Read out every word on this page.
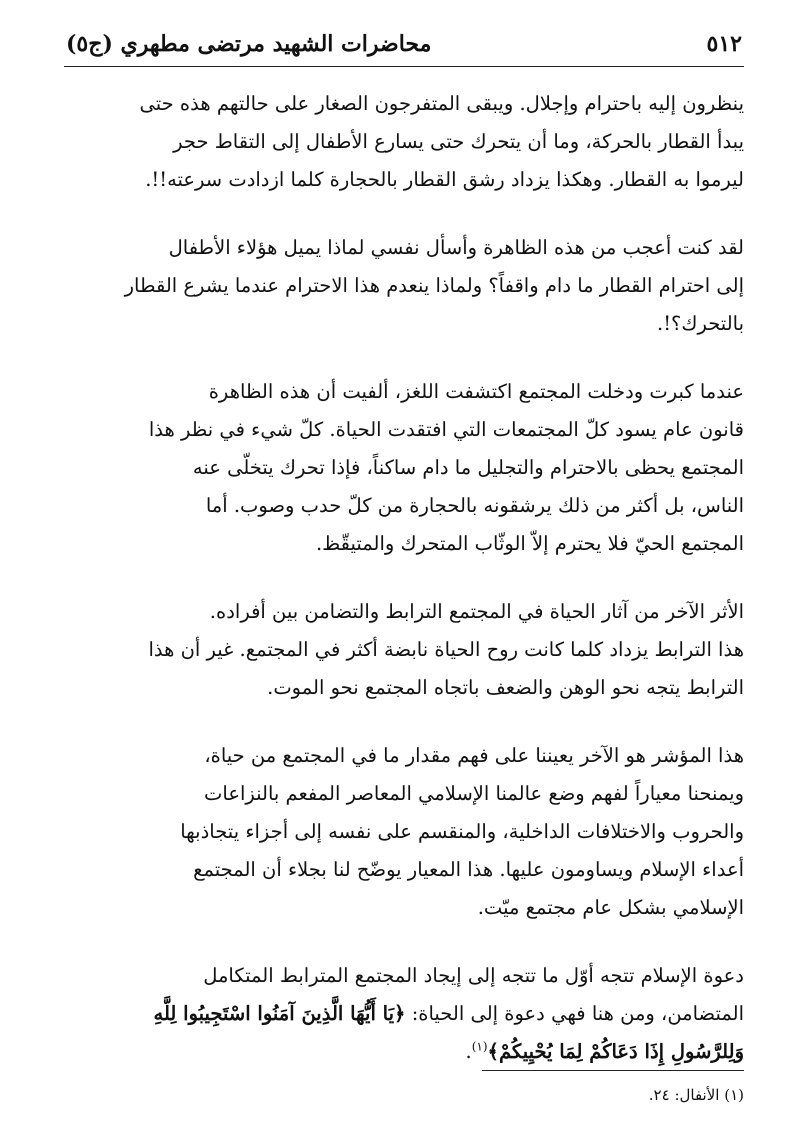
٥١٢
محاضرات الشهيد مرتضى مطهري (ج٥)

ينظرون إليه باحترام وإجلال. ويبقى المتفرجون الصغار على حالتهم هذه حتى
يبدأ القطار بالحركة، وما أن يتحرك حتى يسارع الأطفال إلى التقاط حجر
ليرموا به القطار. وهكذا يزداد رشق القطار بالحجارة كلما ازدادت سرعته!!.

لقد كنت أعجب من هذه الظاهرة وأسأل نفسي لماذا يميل هؤلاء الأطفال
إلى احترام القطار ما دام واقفاً؟ ولماذا ينعدم هذا الاحترام عندما يشرع القطار
بالتحرك؟!.

عندما كبرت ودخلت المجتمع اكتشفت اللغز، ألفيت أن هذه الظاهرة
قانون عام يسود كلّ المجتمعات التي افتقدت الحياة. كلّ شيء في نظر هذا
المجتمع يحظى بالاحترام والتجليل ما دام ساكناً، فإذا تحرك يتخلّى عنه
الناس، بل أكثر من ذلك يرشقونه بالحجارة من كلّ حدب وصوب. أما
المجتمع الحيّ فلا يحترم إلاّ الوثّاب المتحرك والمتيقّظ.

الأثر الآخر من آثار الحياة في المجتمع الترابط والتضامن بين أفراده.
هذا الترابط يزداد كلما كانت روح الحياة نابضة أكثر في المجتمع. غير أن هذا
الترابط يتجه نحو الوهن والضعف باتجاه المجتمع نحو الموت.

هذا المؤشر هو الآخر يعيننا على فهم مقدار ما في المجتمع من حياة،
ويمنحنا معياراً لفهم وضع عالمنا الإسلامي المعاصر المفعم بالنزاعات
والحروب والاختلافات الداخلية، والمنقسم على نفسه إلى أجزاء يتجاذبها
أعداء الإسلام ويساومون عليها. هذا المعيار يوضّح لنا بجلاء أن المجتمع
الإسلامي بشكل عام مجتمع ميّت.

دعوة الإسلام تتجه أوّل ما تتجه إلى إيجاد المجتمع المترابط المتكامل
المتضامن، ومن هنا فهي دعوة إلى الحياة: ﴿يَا أَيُّهَا الَّذِينَ آمَنُوا اسْتَجِيبُوا لِلَّهِ
وَلِلرَّسُولِ إِذَا دَعَاكُمْ لِمَا يُحْيِيكُمْ﴾$^{(١)}$.

(١) الأنفال: ٢٤.
